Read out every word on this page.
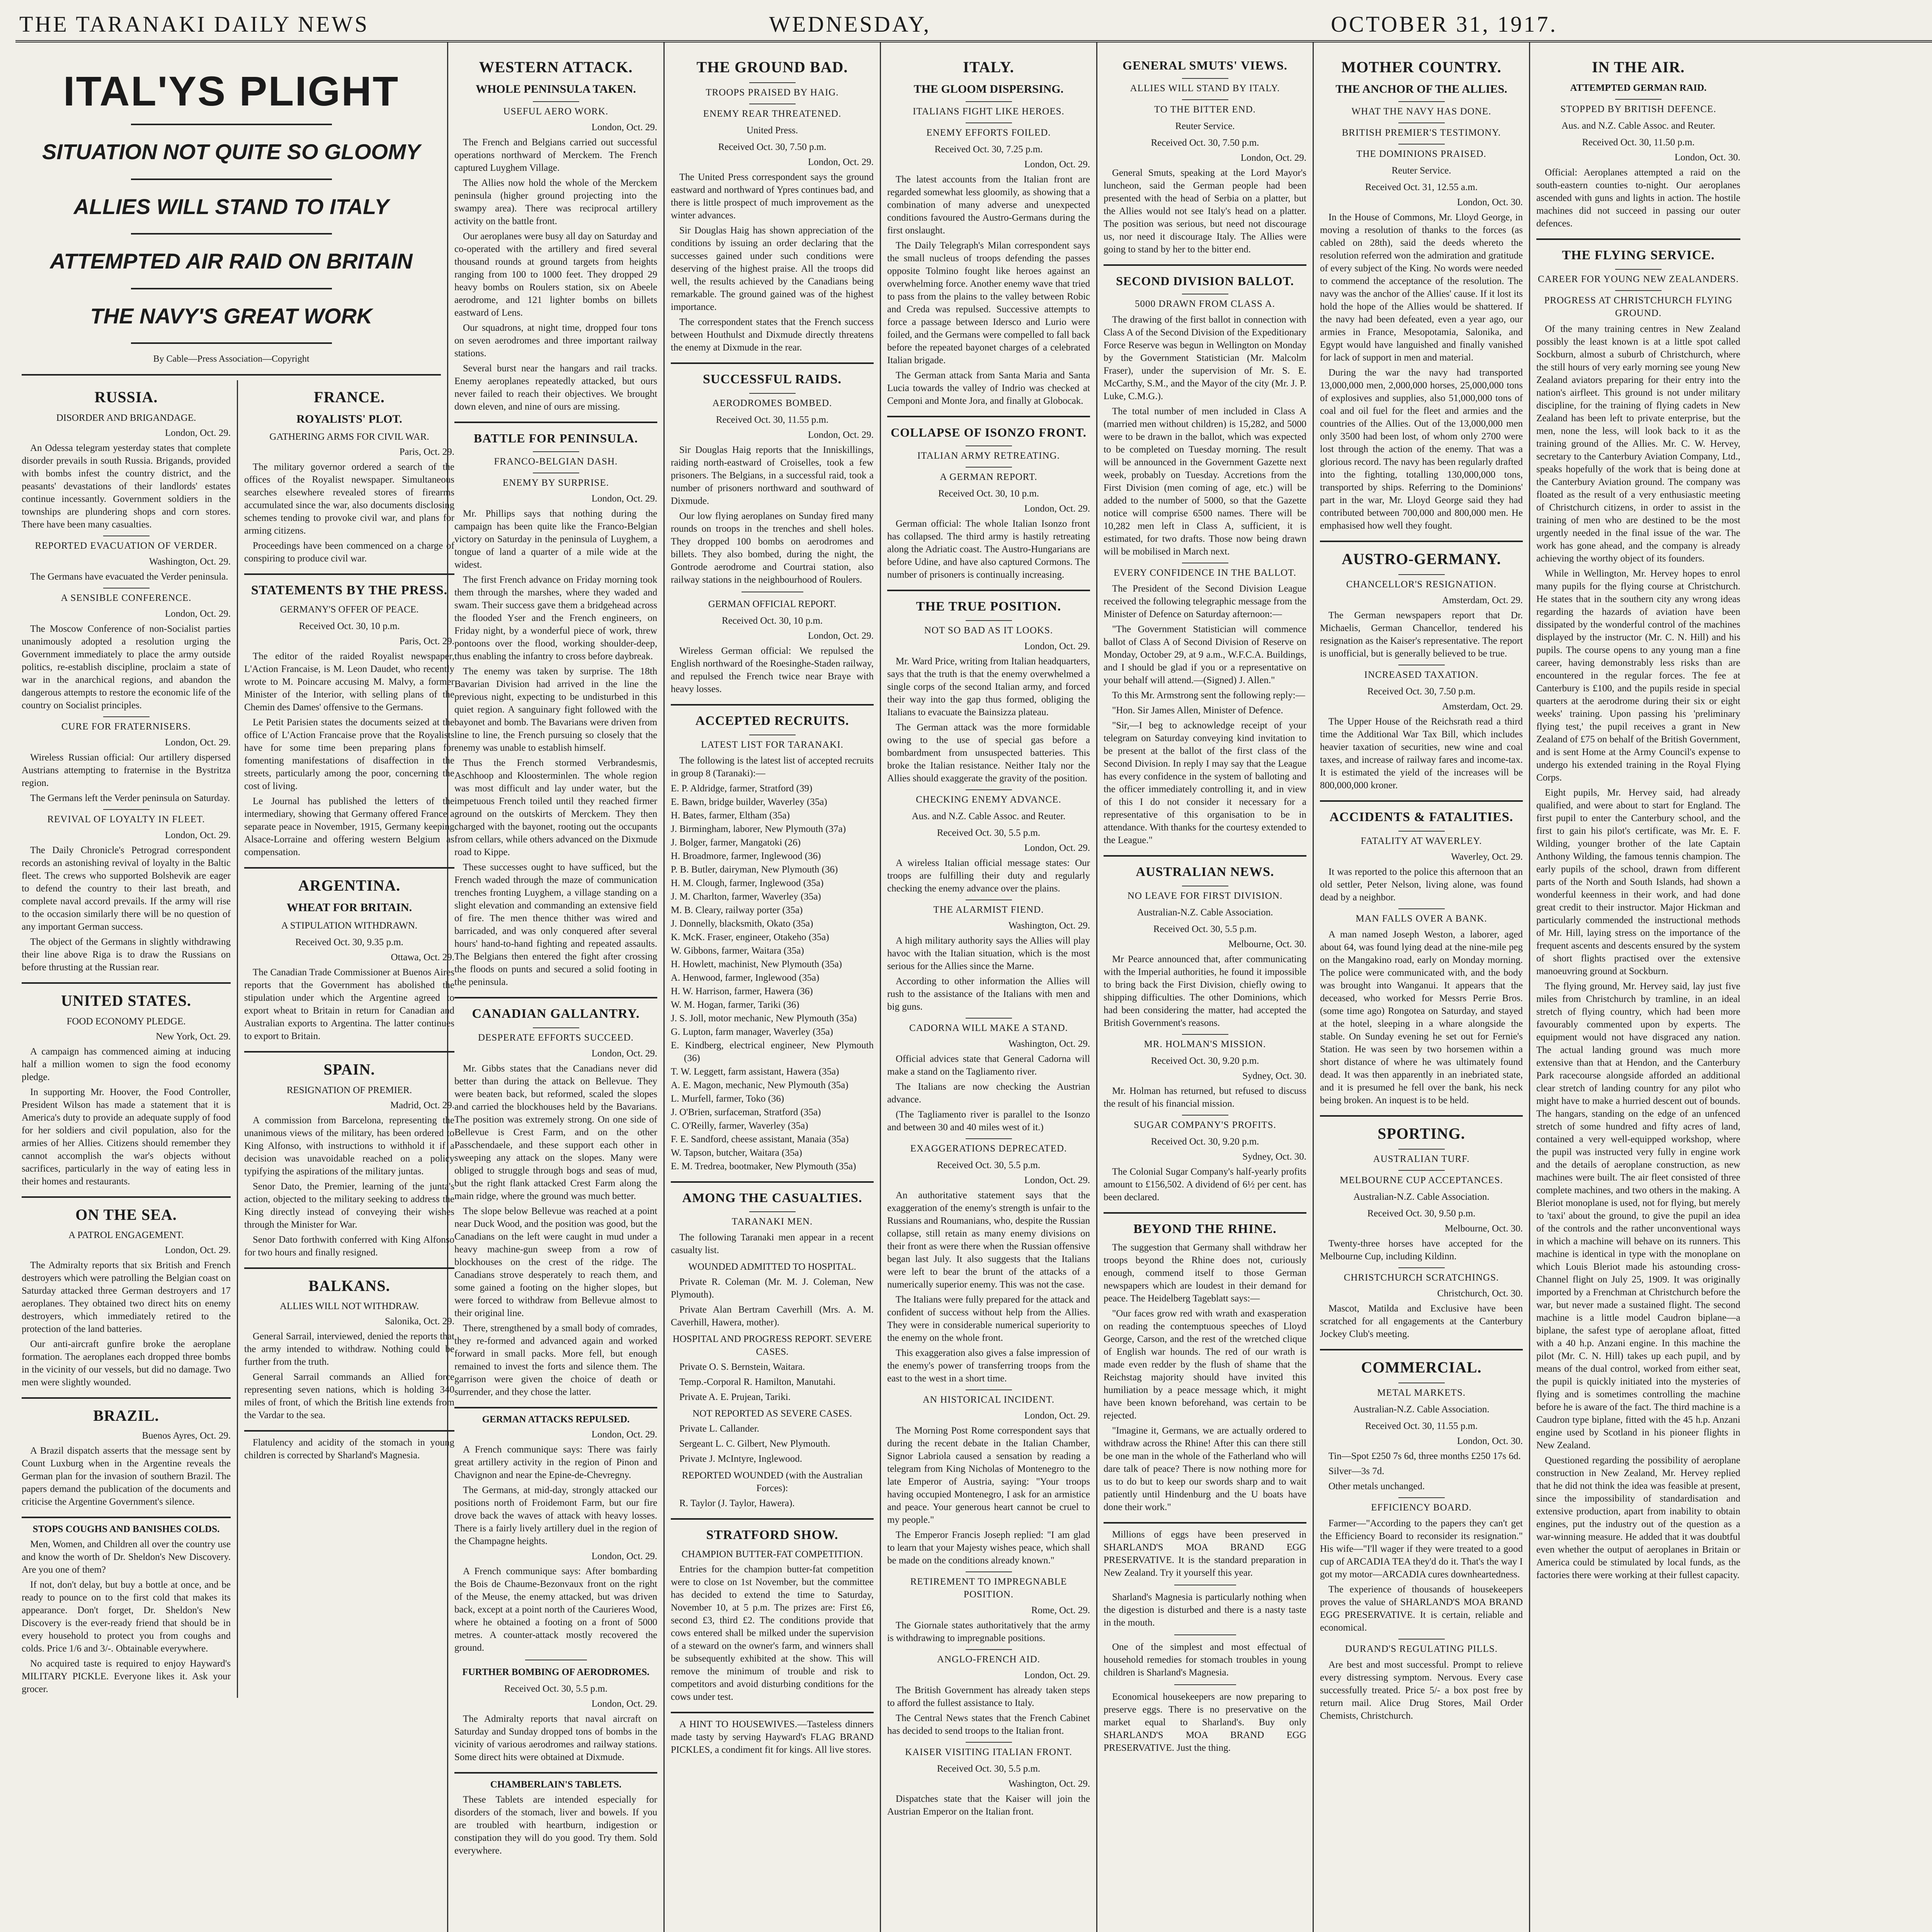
THE TARANAKI DAILY NEWS	WEDNESDAY,	OCTOBER 31, 1917.
ITAL'YS PLIGHT
SITUATION NOT QUITE SO GLOOMY
ALLIES WILL STAND TO ITALY
ATTEMPTED AIR RAID ON BRITAIN
THE NAVY'S GREAT WORK
By Cable—Press Association—Copyright
RUSSIA.
DISORDER AND BRIGANDAGE.

London, Oct. 29.

An Odessa telegram yesterday states that complete disorder prevails in south Russia. Brigands, provided with bombs infest the country district, and the peasants' devastations of their landlords' estates continue incessantly. Government soldiers in the townships are plundering shops and corn stores. There have been many casualties.

REPORTED EVACUATION OF VERDER.

Washington, Oct. 29.

The Germans have evacuated the Verder peninsula.

A SENSIBLE CONFERENCE.

London, Oct. 29.

The Moscow Conference of non-Socialist parties unanimously adopted a resolution urging the Government immediately to place the army outside politics, re-establish discipline, proclaim a state of war in the anarchical regions, and abandon the dangerous attempts to restore the economic life of the country on Socialist principles.

CURE FOR FRATERNISERS.

London, Oct. 29.

Wireless Russian official: Our artillery dispersed Austrians attempting to fraternise in the Bystritza region.

The Germans left the Verder peninsula on Saturday.

REVIVAL OF LOYALTY IN FLEET.

London, Oct. 29.

The Daily Chronicle's Petrograd correspondent records an astonishing revival of loyalty in the Baltic fleet. The crews who supported Bolshevik are eager to defend the country to their last breath, and complete naval accord prevails. If the army will rise to the occasion similarly there will be no question of any important German success.

The object of the Germans in slightly withdrawing their line above Riga is to draw the Russians on before thrusting at the Russian rear.

UNITED STATES.
FOOD ECONOMY PLEDGE.

New York, Oct. 29.

A campaign has commenced aiming at inducing half a million women to sign the food economy pledge.

In supporting Mr. Hoover, the Food Controller, President Wilson has made a statement that it is America's duty to provide an adequate supply of food for her soldiers and civil population, also for the armies of her Allies. Citizens should remember they cannot accomplish the war's objects without sacrifices, particularly in the way of eating less in their homes and restaurants.

ON THE SEA.
A PATROL ENGAGEMENT.

London, Oct. 29.

The Admiralty reports that six British and French destroyers which were patrolling the Belgian coast on Saturday attacked three German destroyers and 17 aeroplanes. They obtained two direct hits on enemy destroyers, which immediately retired to the protection of the land batteries.

Our anti-aircraft gunfire broke the aeroplane formation. The aeroplanes each dropped three bombs in the vicinity of our vessels, but did no damage. Two men were slightly wounded.

BRAZIL.

Buenos Ayres, Oct. 29.

A Brazil dispatch asserts that the message sent by Count Luxburg when in the Argentine reveals the German plan for the invasion of southern Brazil. The papers demand the publication of the documents and criticise the Argentine Government's silence.

STOPS COUGHS AND BANISHES COLDS.

Men, Women, and Children all over the country use and know the worth of Dr. Sheldon's New Discovery. Are you one of them?

If not, don't delay, but buy a bottle at once, and be ready to pounce on to the first cold that makes its appearance. Don't forget, Dr. Sheldon's New Discovery is the ever-ready friend that should be in every household to protect you from coughs and colds. Price 1/6 and 3/-. Obtainable everywhere.

No acquired taste is required to enjoy Hayward's MILITARY PICKLE. Everyone likes it. Ask your grocer.

FRANCE.
ROYALISTS' PLOT.
GATHERING ARMS FOR CIVIL WAR.

Paris, Oct. 29.

The military governor ordered a search of the offices of the Royalist newspaper. Simultaneous searches elsewhere revealed stores of firearms accumulated since the war, also documents disclosing schemes tending to provoke civil war, and plans for arming citizens.

Proceedings have been commenced on a charge of conspiring to produce civil war.

STATEMENTS BY THE PRESS.
GERMANY'S OFFER OF PEACE.
Received Oct. 30, 10 p.m.

Paris, Oct. 29.

The editor of the raided Royalist newspaper, L'Action Francaise, is M. Leon Daudet, who recently wrote to M. Poincare accusing M. Malvy, a former Minister of the Interior, with selling plans of the Chemin des Dames' offensive to the Germans.

Le Petit Parisien states the documents seized at the office of L'Action Francaise prove that the Royalists have for some time been preparing plans for fomenting manifestations of disaffection in the streets, particularly among the poor, concerning the cost of living.

Le Journal has published the letters of the intermediary, showing that Germany offered France a separate peace in November, 1915, Germany keeping Alsace-Lorraine and offering western Belgium as compensation.

ARGENTINA.
WHEAT FOR BRITAIN.
A STIPULATION WITHDRAWN.
Received Oct. 30, 9.35 p.m.

Ottawa, Oct. 29.

The Canadian Trade Commissioner at Buenos Aires reports that the Government has abolished the stipulation under which the Argentine agreed to export wheat to Britain in return for Canadian and Australian exports to Argentina. The latter continues to export to Britain.

SPAIN.
RESIGNATION OF PREMIER.

Madrid, Oct. 29.

A commission from Barcelona, representing the unanimous views of the military, has been ordered to King Alfonso, with instructions to withhold it if a decision was unavoidable reached on a policy typifying the aspirations of the military juntas.

Senor Dato, the Premier, learning of the junta's action, objected to the military seeking to address the King directly instead of conveying their wishes through the Minister for War.

Senor Dato forthwith conferred with King Alfonso for two hours and finally resigned.

BALKANS.
ALLIES WILL NOT WITHDRAW.

Salonika, Oct. 29.

General Sarrail, interviewed, denied the reports that the army intended to withdraw. Nothing could be further from the truth.

General Sarrail commands an Allied force representing seven nations, which is holding 340 miles of front, of which the British line extends from the Vardar to the sea.

Flatulency and acidity of the stomach in young children is corrected by Sharland's Magnesia.

WESTERN ATTACK.
WHOLE PENINSULA TAKEN.
USEFUL AERO WORK.

London, Oct. 29.

The French and Belgians carried out successful operations northward of Merckem. The French captured Luyghem Village.

The Allies now hold the whole of the Merckem peninsula (higher ground projecting into the swampy area). There was reciprocal artillery activity on the battle front.

Our aeroplanes were busy all day on Saturday and co-operated with the artillery and fired several thousand rounds at ground targets from heights ranging from 100 to 1000 feet. They dropped 29 heavy bombs on Roulers station, six on Abeele aerodrome, and 121 lighter bombs on billets eastward of Lens.

Our squadrons, at night time, dropped four tons on seven aerodromes and three important railway stations.

Several burst near the hangars and rail tracks. Enemy aeroplanes repeatedly attacked, but ours never failed to reach their objectives. We brought down eleven, and nine of ours are missing.

BATTLE FOR PENINSULA.
FRANCO-BELGIAN DASH.
ENEMY BY SURPRISE.

London, Oct. 29.

Mr. Phillips says that nothing during the campaign has been quite like the Franco-Belgian victory on Saturday in the peninsula of Luyghem, a tongue of land a quarter of a mile wide at the widest.

The first French advance on Friday morning took them through the marshes, where they waded and swam. Their success gave them a bridgehead across the flooded Yser and the French engineers, on Friday night, by a wonderful piece of work, threw pontoons over the flood, working shoulder-deep, thus enabling the infantry to cross before daybreak.

The enemy was taken by surprise. The 18th Bavarian Division had arrived in the line the previous night, expecting to be undisturbed in this quiet region. A sanguinary fight followed with the bayonet and bomb. The Bavarians were driven from line to line, the French pursuing so closely that the enemy was unable to establish himself.

Thus the French stormed Verbrandesmis, Aschhoop and Kloosterminlen. The whole region was most difficult and lay under water, but the impetuous French toiled until they reached firmer ground on the outskirts of Merckem. They then charged with the bayonet, rooting out the occupants from cellars, while others advanced on the Dixmude road to Kippe.

These successes ought to have sufficed, but the French waded through the maze of communication trenches fronting Luyghem, a village standing on a slight elevation and commanding an extensive field of fire. The men thence thither was wired and barricaded, and was only conquered after several hours' hand-to-hand fighting and repeated assaults. The Belgians then entered the fight after crossing the floods on punts and secured a solid footing in the peninsula.

CANADIAN GALLANTRY.
DESPERATE EFFORTS SUCCEED.

London, Oct. 29.

Mr. Gibbs states that the Canadians never did better than during the attack on Bellevue. They were beaten back, but reformed, scaled the slopes and carried the blockhouses held by the Bavarians. The position was extremely strong. On one side of Bellevue is Crest Farm, and on the other Passchendaele, and these support each other in sweeping any attack on the slopes. Many were obliged to struggle through bogs and seas of mud, but the right flank attacked Crest Farm along the main ridge, where the ground was much better.

The slope below Bellevue was reached at a point near Duck Wood, and the position was good, but the Canadians on the left were caught in mud under a heavy machine-gun sweep from a row of blockhouses on the crest of the ridge. The Canadians strove desperately to reach them, and some gained a footing on the higher slopes, but were forced to withdraw from Bellevue almost to their original line.

There, strengthened by a small body of comrades, they re-formed and advanced again and worked forward in small packs. More fell, but enough remained to invest the forts and silence them. The garrison were given the choice of death or surrender, and they chose the latter.

GERMAN ATTACKS REPULSED.

London, Oct. 29.

A French communique says: There was fairly great artillery activity in the region of Pinon and Chavignon and near the Epine-de-Chevregny.

The Germans, at mid-day, strongly attacked our positions north of Froidemont Farm, but our fire drove back the waves of attack with heavy losses. There is a fairly lively artillery duel in the region of the Champagne heights.

London, Oct. 29.

A French communique says: After bombarding the Bois de Chaume-Bezonvaux front on the right of the Meuse, the enemy attacked, but was driven back, except at a point north of the Caurieres Wood, where he obtained a footing on a front of 5000 metres. A counter-attack mostly recovered the ground.

FURTHER BOMBING OF AERODROMES.
Received Oct. 30, 5.5 p.m.

London, Oct. 29.

The Admiralty reports that naval aircraft on Saturday and Sunday dropped tons of bombs in the vicinity of various aerodromes and railway stations. Some direct hits were obtained at Dixmude.

CHAMBERLAIN'S TABLETS.

These Tablets are intended especially for disorders of the stomach, liver and bowels. If you are troubled with heartburn, indigestion or constipation they will do you good. Try them. Sold everywhere.

THE GROUND BAD.
TROOPS PRAISED BY HAIG.
ENEMY REAR THREATENED.
United Press.
Received Oct. 30, 7.50 p.m.

London, Oct. 29.

The United Press correspondent says the ground eastward and northward of Ypres continues bad, and there is little prospect of much improvement as the winter advances.

Sir Douglas Haig has shown appreciation of the conditions by issuing an order declaring that the successes gained under such conditions were deserving of the highest praise. All the troops did well, the results achieved by the Canadians being remarkable. The ground gained was of the highest importance.

The correspondent states that the French success between Houthulst and Dixmude directly threatens the enemy at Dixmude in the rear.

SUCCESSFUL RAIDS.
AERODROMES BOMBED.
Received Oct. 30, 11.55 p.m.

London, Oct. 29.

Sir Douglas Haig reports that the Inniskillings, raiding north-eastward of Croiselles, took a few prisoners. The Belgians, in a successful raid, took a number of prisoners northward and southward of Dixmude.

Our low flying aeroplanes on Sunday fired many rounds on troops in the trenches and shell holes. They dropped 100 bombs on aerodromes and billets. They also bombed, during the night, the Gontrode aerodrome and Courtrai station, also railway stations in the neighbourhood of Roulers.

GERMAN OFFICIAL REPORT.
Received Oct. 30, 10 p.m.

London, Oct. 29.

Wireless German official: We repulsed the English northward of the Roesinghe-Staden railway, and repulsed the French twice near Braye with heavy losses.

ACCEPTED RECRUITS.
LATEST LIST FOR TARANAKI.

The following is the latest list of accepted recruits in group 8 (Taranaki):—

E. P. Aldridge, farmer, Stratford (39)
E. Bawn, bridge builder, Waverley (35a)
H. Bates, farmer, Eltham (35a)
J. Birmingham, laborer, New Plymouth (37a)
J. Bolger, farmer, Mangatoki (26)
H. Broadmore, farmer, Inglewood (36)
P. B. Butler, dairyman, New Plymouth (36)
H. M. Clough, farmer, Inglewood (35a)
J. M. Charlton, farmer, Waverley (35a)
M. B. Cleary, railway porter (35a)
J. Donnelly, blacksmith, Okato (35a)
K. McK. Fraser, engineer, Otakeho (35a)
W. Gibbons, farmer, Waitara (35a)
H. Howlett, machinist, New Plymouth (35a)
A. Henwood, farmer, Inglewood (35a)
H. W. Harrison, farmer, Hawera (36)
W. M. Hogan, farmer, Tariki (36)
J. S. Joll, motor mechanic, New Plymouth (35a)
G. Lupton, farm manager, Waverley (35a)
E. Kindberg, electrical engineer, New Plymouth (36)
T. W. Leggett, farm assistant, Hawera (35a)
A. E. Magon, mechanic, New Plymouth (35a)
L. Murfell, farmer, Toko (36)
J. O'Brien, surfaceman, Stratford (35a)
C. O'Reilly, farmer, Waverley (35a)
F. E. Sandford, cheese assistant, Manaia (35a)
W. Tapson, butcher, Waitara (35a)
E. M. Tredrea, bootmaker, New Plymouth (35a)
AMONG THE CASUALTIES.
TARANAKI MEN.

The following Taranaki men appear in a recent casualty list.

WOUNDED ADMITTED TO HOSPITAL.

Private R. Coleman (Mr. M. J. Coleman, New Plymouth).

Private Alan Bertram Caverhill (Mrs. A. M. Caverhill, Hawera, mother).

HOSPITAL AND PROGRESS REPORT. SEVERE CASES.

Private O. S. Bernstein, Waitara.

Temp.-Corporal R. Hamilton, Manutahi.

Private A. E. Prujean, Tariki.

NOT REPORTED AS SEVERE CASES.

Private L. Callander.

Sergeant L. C. Gilbert, New Plymouth.

Private J. McIntyre, Inglewood.

REPORTED WOUNDED (with the Australian Forces):

R. Taylor (J. Taylor, Hawera).

STRATFORD SHOW.
CHAMPION BUTTER-FAT COMPETITION.

Entries for the champion butter-fat competition were to close on 1st November, but the committee has decided to extend the time to Saturday, November 10, at 5 p.m. The prizes are: First £6, second £3, third £2. The conditions provide that cows entered shall be milked under the supervision of a steward on the owner's farm, and winners shall be subsequently exhibited at the show. This will remove the minimum of trouble and risk to competitors and avoid disturbing conditions for the cows under test.

A HINT TO HOUSEWIVES.—Tasteless dinners made tasty by serving Hayward's FLAG BRAND PICKLES, a condiment fit for kings. All live stores.

ITALY.
THE GLOOM DISPERSING.
ITALIANS FIGHT LIKE HEROES.
ENEMY EFFORTS FOILED.
Received Oct. 30, 7.25 p.m.

London, Oct. 29.

The latest accounts from the Italian front are regarded somewhat less gloomily, as showing that a combination of many adverse and unexpected conditions favoured the Austro-Germans during the first onslaught.

The Daily Telegraph's Milan correspondent says the small nucleus of troops defending the passes opposite Tolmino fought like heroes against an overwhelming force. Another enemy wave that tried to pass from the plains to the valley between Robic and Creda was repulsed. Successive attempts to force a passage between Idersco and Lurio were foiled, and the Germans were compelled to fall back before the repeated bayonet charges of a celebrated Italian brigade.

The German attack from Santa Maria and Santa Lucia towards the valley of Indrio was checked at Cemponi and Monte Jora, and finally at Globocak.

COLLAPSE OF ISONZO FRONT.
ITALIAN ARMY RETREATING.
A GERMAN REPORT.
Received Oct. 30, 10 p.m.

London, Oct. 29.

German official: The whole Italian Isonzo front has collapsed. The third army is hastily retreating along the Adriatic coast. The Austro-Hungarians are before Udine, and have also captured Cormons. The number of prisoners is continually increasing.

THE TRUE POSITION.
NOT SO BAD AS IT LOOKS.

London, Oct. 29.

Mr. Ward Price, writing from Italian headquarters, says that the truth is that the enemy overwhelmed a single corps of the second Italian army, and forced their way into the gap thus formed, obliging the Italians to evacuate the Bainsizza plateau.

The German attack was the more formidable owing to the use of special gas before a bombardment from unsuspected batteries. This broke the Italian resistance. Neither Italy nor the Allies should exaggerate the gravity of the position.

CHECKING ENEMY ADVANCE.
Aus. and N.Z. Cable Assoc. and Reuter.
Received Oct. 30, 5.5 p.m.

London, Oct. 29.

A wireless Italian official message states: Our troops are fulfilling their duty and regularly checking the enemy advance over the plains.

THE ALARMIST FIEND.

Washington, Oct. 29.

A high military authority says the Allies will play havoc with the Italian situation, which is the most serious for the Allies since the Marne.

According to other information the Allies will rush to the assistance of the Italians with men and big guns.

CADORNA WILL MAKE A STAND.

Washington, Oct. 29.

Official advices state that General Cadorna will make a stand on the Tagliamento river.

The Italians are now checking the Austrian advance.

(The Tagliamento river is parallel to the Isonzo and between 30 and 40 miles west of it.)

EXAGGERATIONS DEPRECATED.
Received Oct. 30, 5.5 p.m.

London, Oct. 29.

An authoritative statement says that the exaggeration of the enemy's strength is unfair to the Russians and Roumanians, who, despite the Russian collapse, still retain as many enemy divisions on their front as were there when the Russian offensive began last July. It also suggests that the Italians were left to bear the brunt of the attacks of a numerically superior enemy. This was not the case.

The Italians were fully prepared for the attack and confident of success without help from the Allies. They were in considerable numerical superiority to the enemy on the whole front.

This exaggeration also gives a false impression of the enemy's power of transferring troops from the east to the west in a short time.

AN HISTORICAL INCIDENT.

London, Oct. 29.

The Morning Post Rome correspondent says that during the recent debate in the Italian Chamber, Signor Labriola caused a sensation by reading a telegram from King Nicholas of Montenegro to the late Emperor of Austria, saying: "Your troops having occupied Montenegro, I ask for an armistice and peace. Your generous heart cannot be cruel to my people."

The Emperor Francis Joseph replied: "I am glad to learn that your Majesty wishes peace, which shall be made on the conditions already known."

RETIREMENT TO IMPREGNABLE POSITION.

Rome, Oct. 29.

The Giornale states authoritatively that the army is withdrawing to impregnable positions.

ANGLO-FRENCH AID.

London, Oct. 29.

The British Government has already taken steps to afford the fullest assistance to Italy.

The Central News states that the French Cabinet has decided to send troops to the Italian front.

KAISER VISITING ITALIAN FRONT.
Received Oct. 30, 5.5 p.m.

Washington, Oct. 29.

Dispatches state that the Kaiser will join the Austrian Emperor on the Italian front.

GENERAL SMUTS' VIEWS.
ALLIES WILL STAND BY ITALY.
TO THE BITTER END.
Reuter Service.
Received Oct. 30, 7.50 p.m.

London, Oct. 29.

General Smuts, speaking at the Lord Mayor's luncheon, said the German people had been presented with the head of Serbia on a platter, but the Allies would not see Italy's head on a platter. The position was serious, but need not discourage us, nor need it discourage Italy. The Allies were going to stand by her to the bitter end.

SECOND DIVISION BALLOT.
5000 DRAWN FROM CLASS A.

The drawing of the first ballot in connection with Class A of the Second Division of the Expeditionary Force Reserve was begun in Wellington on Monday by the Government Statistician (Mr. Malcolm Fraser), under the supervision of Mr. S. E. McCarthy, S.M., and the Mayor of the city (Mr. J. P. Luke, C.M.G.).

The total number of men included in Class A (married men without children) is 15,282, and 5000 were to be drawn in the ballot, which was expected to be completed on Tuesday morning. The result will be announced in the Government Gazette next week, probably on Tuesday. Accretions from the First Division (men coming of age, etc.) will be added to the number of 5000, so that the Gazette notice will comprise 6500 names. There will be 10,282 men left in Class A, sufficient, it is estimated, for two drafts. Those now being drawn will be mobilised in March next.

EVERY CONFIDENCE IN THE BALLOT.

The President of the Second Division League received the following telegraphic message from the Minister of Defence on Saturday afternoon:—

"The Government Statistician will commence ballot of Class A of Second Division of Reserve on Monday, October 29, at 9 a.m., W.F.C.A. Buildings, and I should be glad if you or a representative on your behalf will attend.—(Signed) J. Allen."

To this Mr. Armstrong sent the following reply:—

"Hon. Sir James Allen, Minister of Defence.

"Sir,—I beg to acknowledge receipt of your telegram on Saturday conveying kind invitation to be present at the ballot of the first class of the Second Division. In reply I may say that the League has every confidence in the system of balloting and the officer immediately controlling it, and in view of this I do not consider it necessary for a representative of this organisation to be in attendance. With thanks for the courtesy extended to the League."

AUSTRALIAN NEWS.
NO LEAVE FOR FIRST DIVISION.
Australian-N.Z. Cable Association.
Received Oct. 30, 5.5 p.m.

Melbourne, Oct. 30.

Mr Pearce announced that, after communicating with the Imperial authorities, he found it impossible to bring back the First Division, chiefly owing to shipping difficulties. The other Dominions, which had been considering the matter, had accepted the British Government's reasons.

MR. HOLMAN'S MISSION.
Received Oct. 30, 9.20 p.m.

Sydney, Oct. 30.

Mr. Holman has returned, but refused to discuss the result of his financial mission.

SUGAR COMPANY'S PROFITS.
Received Oct. 30, 9.20 p.m.

Sydney, Oct. 30.

The Colonial Sugar Company's half-yearly profits amount to £156,502. A dividend of 6½ per cent. has been declared.

BEYOND THE RHINE.

The suggestion that Germany shall withdraw her troops beyond the Rhine does not, curiously enough, commend itself to those German newspapers which are loudest in their demand for peace. The Heidelberg Tageblatt says:—

"Our faces grow red with wrath and exasperation on reading the contemptuous speeches of Lloyd George, Carson, and the rest of the wretched clique of English war hounds. The red of our wrath is made even redder by the flush of shame that the Reichstag majority should have invited this humiliation by a peace message which, it might have been known beforehand, was certain to be rejected.

"Imagine it, Germans, we are actually ordered to withdraw across the Rhine! After this can there still be one man in the whole of the Fatherland who will dare talk of peace? There is now nothing more for us to do but to keep our swords sharp and to wait patiently until Hindenburg and the U boats have done their work."

Millions of eggs have been preserved in SHARLAND'S MOA BRAND EGG PRESERVATIVE. It is the standard preparation in New Zealand. Try it yourself this year.

Sharland's Magnesia is particularly nothing when the digestion is disturbed and there is a nasty taste in the mouth.

One of the simplest and most effectual of household remedies for stomach troubles in young children is Sharland's Magnesia.

Economical housekeepers are now preparing to preserve eggs. There is no preservative on the market equal to Sharland's. Buy only SHARLAND'S MOA BRAND EGG PRESERVATIVE. Just the thing.

MOTHER COUNTRY.
THE ANCHOR OF THE ALLIES.
WHAT THE NAVY HAS DONE.
BRITISH PREMIER'S TESTIMONY.
THE DOMINIONS PRAISED.
Reuter Service.
Received Oct. 31, 12.55 a.m.

London, Oct. 30.

In the House of Commons, Mr. Lloyd George, in moving a resolution of thanks to the forces (as cabled on 28th), said the deeds whereto the resolution referred won the admiration and gratitude of every subject of the King. No words were needed to commend the acceptance of the resolution. The navy was the anchor of the Allies' cause. If it lost its hold the hope of the Allies would be shattered. If the navy had been defeated, even a year ago, our armies in France, Mesopotamia, Salonika, and Egypt would have languished and finally vanished for lack of support in men and material.

During the war the navy had transported 13,000,000 men, 2,000,000 horses, 25,000,000 tons of explosives and supplies, also 51,000,000 tons of coal and oil fuel for the fleet and armies and the countries of the Allies. Out of the 13,000,000 men only 3500 had been lost, of whom only 2700 were lost through the action of the enemy. That was a glorious record. The navy has been regularly drafted into the fighting, totalling 130,000,000 tons, transported by ships. Referring to the Dominions' part in the war, Mr. Lloyd George said they had contributed between 700,000 and 800,000 men. He emphasised how well they fought.

AUSTRO-GERMANY.
CHANCELLOR'S RESIGNATION.

Amsterdam, Oct. 29.

The German newspapers report that Dr. Michaelis, German Chancellor, tendered his resignation as the Kaiser's representative. The report is unofficial, but is generally believed to be true.

INCREASED TAXATION.
Received Oct. 30, 7.50 p.m.

Amsterdam, Oct. 29.

The Upper House of the Reichsrath read a third time the Additional War Tax Bill, which includes heavier taxation of securities, new wine and coal taxes, and increase of railway fares and income-tax. It is estimated the yield of the increases will be 800,000,000 kroner.

ACCIDENTS & FATALITIES.
FATALITY AT WAVERLEY.

Waverley, Oct. 29.

It was reported to the police this afternoon that an old settler, Peter Nelson, living alone, was found dead by a neighbor.

MAN FALLS OVER A BANK.

A man named Joseph Weston, a laborer, aged about 64, was found lying dead at the nine-mile peg on the Mangakino road, early on Monday morning. The police were communicated with, and the body was brought into Wanganui. It appears that the deceased, who worked for Messrs Perrie Bros. (some time ago) Rongotea on Saturday, and stayed at the hotel, sleeping in a whare alongside the stable. On Sunday evening he set out for Fernie's Station. He was seen by two horsemen within a short distance of where he was ultimately found dead. It was then apparently in an inebriated state, and it is presumed he fell over the bank, his neck being broken. An inquest is to be held.

SPORTING.
AUSTRALIAN TURF.
MELBOURNE CUP ACCEPTANCES.
Australian-N.Z. Cable Association.
Received Oct. 30, 9.50 p.m.

Melbourne, Oct. 30.

Twenty-three horses have accepted for the Melbourne Cup, including Kildinn.

CHRISTCHURCH SCRATCHINGS.

Christchurch, Oct. 30.

Mascot, Matilda and Exclusive have been scratched for all engagements at the Canterbury Jockey Club's meeting.

COMMERCIAL.
METAL MARKETS.
Australian-N.Z. Cable Association.
Received Oct. 30, 11.55 p.m.

London, Oct. 30.

Tin—Spot £250 7s 6d, three months £250 17s 6d.

Silver—3s 7d.

Other metals unchanged.

EFFICIENCY BOARD.

Farmer—"According to the papers they can't get the Efficiency Board to reconsider its resignation." His wife—"I'll wager if they were treated to a good cup of ARCADIA TEA they'd do it. That's the way I got my motor—ARCADIA cures downheartedness.

The experience of thousands of housekeepers proves the value of SHARLAND'S MOA BRAND EGG PRESERVATIVE. It is certain, reliable and economical.

DURAND'S REGULATING PILLS.

Are best and most successful. Prompt to relieve every distressing symptom. Nervous. Every case successfully treated. Price 5/- a box post free by return mail. Alice Drug Stores, Mail Order Chemists, Christchurch.

IN THE AIR.
ATTEMPTED GERMAN RAID.
STOPPED BY BRITISH DEFENCE.
Aus. and N.Z. Cable Assoc. and Reuter.
Received Oct. 30, 11.50 p.m.

London, Oct. 30.

Official: Aeroplanes attempted a raid on the south-eastern counties to-night. Our aeroplanes ascended with guns and lights in action. The hostile machines did not succeed in passing our outer defences.

THE FLYING SERVICE.
CAREER FOR YOUNG NEW ZEALANDERS.
PROGRESS AT CHRISTCHURCH FLYING GROUND.

Of the many training centres in New Zealand possibly the least known is at a little spot called Sockburn, almost a suburb of Christchurch, where the still hours of very early morning see young New Zealand aviators preparing for their entry into the nation's airfleet. This ground is not under military discipline, for the training of flying cadets in New Zealand has been left to private enterprise, but the men, none the less, will look back to it as the training ground of the Allies. Mr. C. W. Hervey, secretary to the Canterbury Aviation Company, Ltd., speaks hopefully of the work that is being done at the Canterbury Aviation ground. The company was floated as the result of a very enthusiastic meeting of Christchurch citizens, in order to assist in the training of men who are destined to be the most urgently needed in the final issue of the war. The work has gone ahead, and the company is already achieving the worthy object of its founders.

While in Wellington, Mr. Hervey hopes to enrol many pupils for the flying course at Christchurch. He states that in the southern city any wrong ideas regarding the hazards of aviation have been dissipated by the wonderful control of the machines displayed by the instructor (Mr. C. N. Hill) and his pupils. The course opens to any young man a fine career, having demonstrably less risks than are encountered in the regular forces. The fee at Canterbury is £100, and the pupils reside in special quarters at the aerodrome during their six or eight weeks' training. Upon passing his 'preliminary flying test,' the pupil receives a grant in New Zealand of £75 on behalf of the British Government, and is sent Home at the Army Council's expense to undergo his extended training in the Royal Flying Corps.

Eight pupils, Mr. Hervey said, had already qualified, and were about to start for England. The first pupil to enter the Canterbury school, and the first to gain his pilot's certificate, was Mr. E. F. Wilding, younger brother of the late Captain Anthony Wilding, the famous tennis champion. The early pupils of the school, drawn from different parts of the North and South Islands, had shown a wonderful keenness in their work, and had done great credit to their instructor. Major Hickman and particularly commended the instructional methods of Mr. Hill, laying stress on the importance of the frequent ascents and descents ensured by the system of short flights practised over the extensive manoeuvring ground at Sockburn.

The flying ground, Mr. Hervey said, lay just five miles from Christchurch by tramline, in an ideal stretch of flying country, which had been more favourably commented upon by experts. The equipment would not have disgraced any nation. The actual landing ground was much more extensive than that at Hendon, and the Canterbury Park racecourse alongside afforded an additional clear stretch of landing country for any pilot who might have to make a hurried descent out of bounds. The hangars, standing on the edge of an unfenced stretch of some hundred and fifty acres of land, contained a very well-equipped workshop, where the pupil was instructed very fully in engine work and the details of aeroplane construction, as new machines were built. The air fleet consisted of three complete machines, and two others in the making. A Bleriot monoplane is used, not for flying, but merely to 'taxi' about the ground, to give the pupil an idea of the controls and the rather unconventional ways in which a machine will behave on its runners. This machine is identical in type with the monoplane on which Louis Bleriot made his astounding cross-Channel flight on July 25, 1909. It was originally imported by a Frenchman at Christchurch before the war, but never made a sustained flight. The second machine is a little model Caudron biplane—a biplane, the safest type of aeroplane afloat, fitted with a 40 h.p. Anzani engine. In this machine the pilot (Mr. C. N. Hill) takes up each pupil, and by means of the dual control, worked from either seat, the pupil is quickly initiated into the mysteries of flying and is sometimes controlling the machine before he is aware of the fact. The third machine is a Caudron type biplane, fitted with the 45 h.p. Anzani engine used by Scotland in his pioneer flights in New Zealand.

Questioned regarding the possibility of aeroplane construction in New Zealand, Mr. Hervey replied that he did not think the idea was feasible at present, since the impossibility of standardisation and extensive production, apart from inability to obtain engines, put the industry out of the question as a war-winning measure. He added that it was doubtful even whether the output of aeroplanes in Britain or America could be stimulated by local funds, as the factories there were working at their fullest capacity.
